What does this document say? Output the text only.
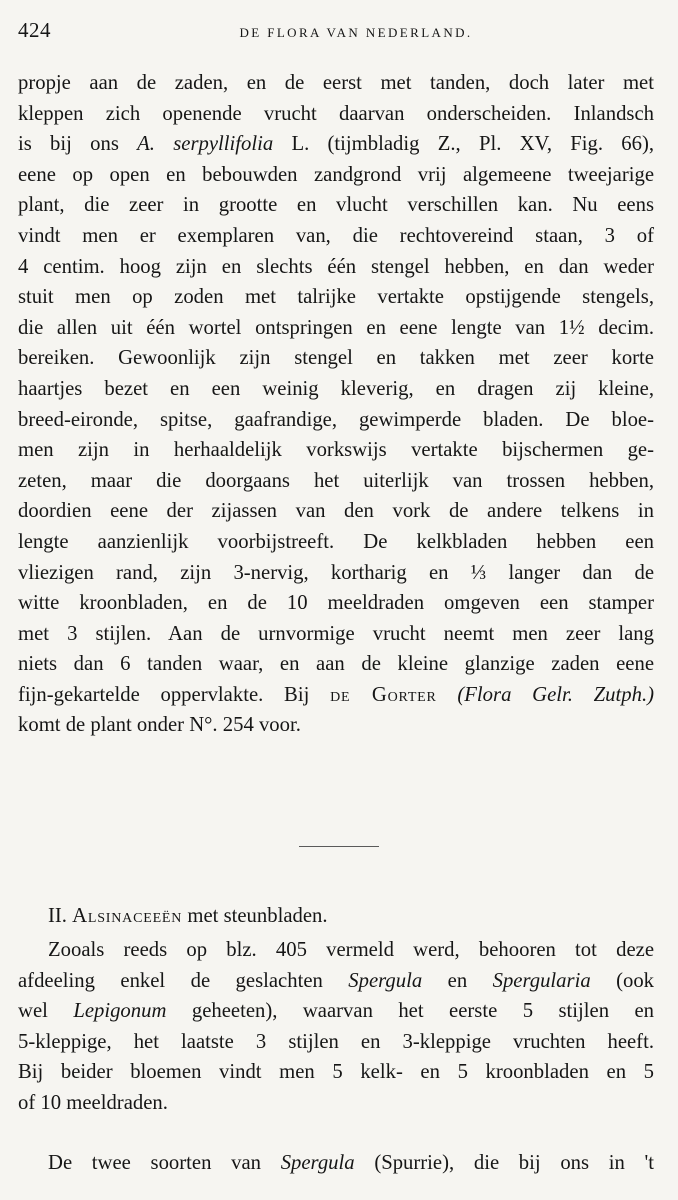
424	DE FLORA VAN NEDERLAND.
propje aan de zaden, en de eerst met tanden, doch later met
kleppen zich openende vrucht daarvan onderscheiden. Inlandsch
is bij ons A. serpyllifolia L. (tijmbladig Z., Pl. XV, Fig. 66),
eene op open en bebouwden zandgrond vrij algemeene tweejarige
plant, die zeer in grootte en vlucht verschillen kan. Nu eens
vindt men er exemplaren van, die rechtovereind staan, 3 of
4 centim. hoog zijn en slechts één stengel hebben, en dan weder
stuit men op zoden met talrijke vertakte opstijgende stengels,
die allen uit één wortel ontspringen en eene lengte van 1½ decim.
bereiken. Gewoonlijk zijn stengel en takken met zeer korte
haartjes bezet en een weinig kleverig, en dragen zij kleine,
breed-eironde, spitse, gaafrandige, gewimperde bladen. De bloe-
men zijn in herhaaldelijk vorkswijs vertakte bijschermen ge-
zeten, maar die doorgaans het uiterlijk van trossen hebben,
doordien eene der zijassen van den vork de andere telkens in
lengte aanzienlijk voorbijstreeft. De kelkbladen hebben een
vliezigen rand, zijn 3-nervig, kortharig en ⅓ langer dan de
witte kroonbladen, en de 10 meeldraden omgeven een stamper
met 3 stijlen. Aan de urnvormige vrucht neemt men zeer lang
niets dan 6 tanden waar, en aan de kleine glanzige zaden eene
fijn-gekartelde oppervlakte. Bij de Gorter (Flora Gelr. Zutph.)
komt de plant onder N°. 254 voor.
II. Alsinaceeën met steunbladen.
Zooals reeds op blz. 405 vermeld werd, behooren tot deze
afdeeling enkel de geslachten Spergula en Spergularia (ook
wel Lepigonum geheeten), waarvan het eerste 5 stijlen en
5-kleppige, het laatste 3 stijlen en 3-kleppige vruchten heeft.
Bij beider bloemen vindt men 5 kelk- en 5 kroonbladen en 5
of 10 meeldraden.
De twee soorten van Spergula (Spurrie), die bij ons in 't
